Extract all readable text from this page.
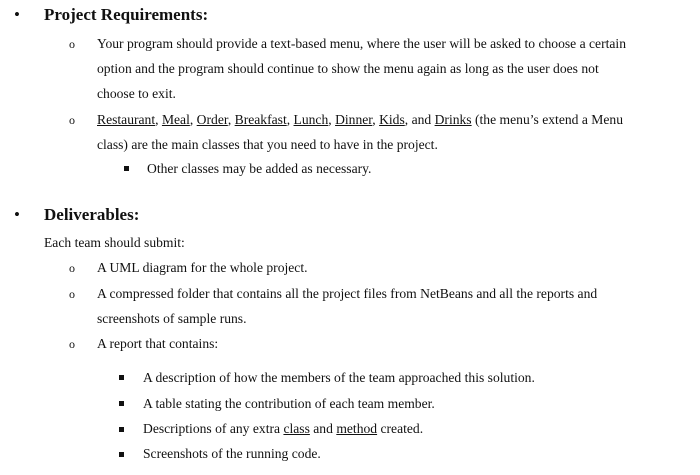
• Project Requirements:
o Your program should provide a text-based menu, where the user will be asked to choose a certain
option and the program should continue to show the menu again as long as the user does not
choose to exit.
o Restaurant, Meal, Order, Breakfast, Lunch, Dinner, Kids, and Drinks (the menu’s extend a Menu
class) are the main classes that you need to have in the project.
Other classes may be added as necessary.
• Deliverables:
Each team should submit:
o A UML diagram for the whole project.
o A compressed folder that contains all the project files from NetBeans and all the reports and
screenshots of sample runs.
o A report that contains:
A description of how the members of the team approached this solution.
A table stating the contribution of each team member.
Descriptions of any extra class and method created.
Screenshots of the running code.
